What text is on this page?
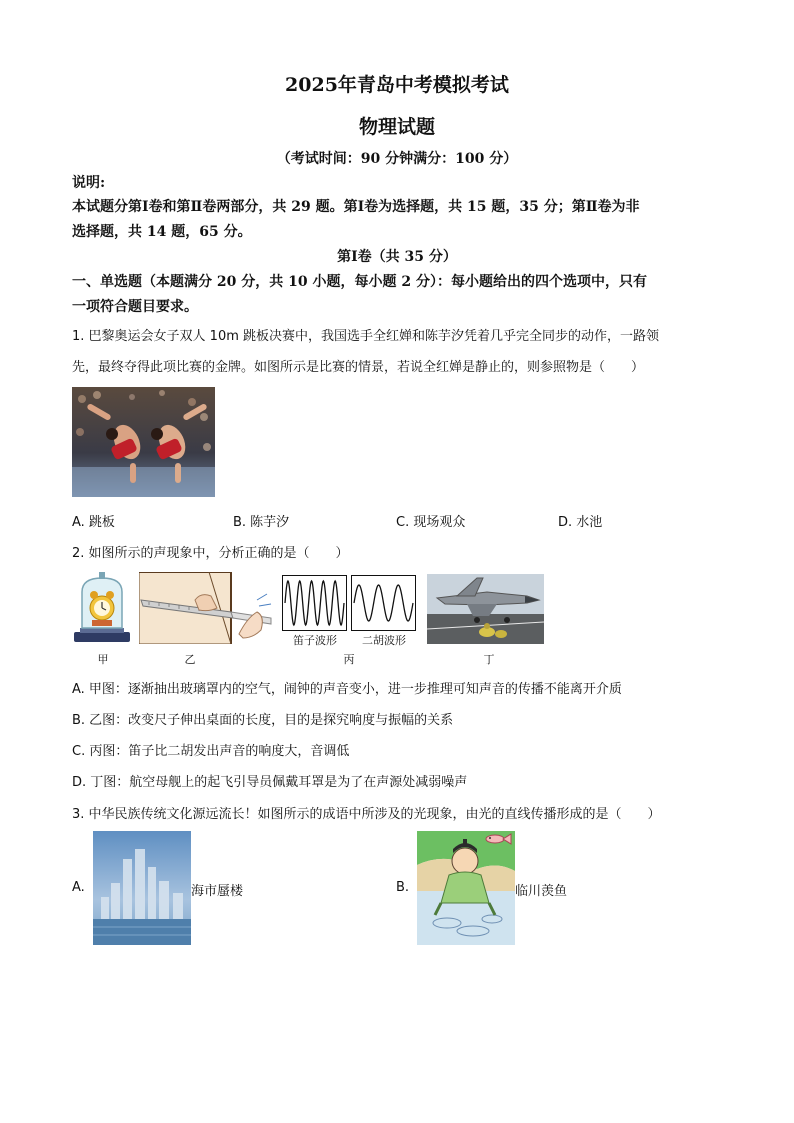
2025年青岛中考模拟考试
物理试题
（考试时间：90 分钟满分：100 分）
说明:
本试题分第Ⅰ卷和第Ⅱ卷两部分，共 29 题。第Ⅰ卷为选择题，共 15 题，35 分；第Ⅱ卷为非
选择题，共 14 题，65 分。
第Ⅰ卷（共 35 分）
一、单选题（本题满分 20 分，共 10 小题，每小题 2 分）：每小题给出的四个选项中，只有
一项符合题目要求。
1. 巴黎奥运会女子双人 10m 跳板决赛中，我国选手全红婵和陈芋汐凭着几乎完全同步的动作，一路领
先，最终夺得此项比赛的金牌。如图所示是比赛的情景，若说全红婵是静止的，则参照物是（　　）
A. 跳板	B. 陈芋汐	C. 现场观众	D. 水池
2. 如图所示的声现象中，分析正确的是（　　）
甲	乙
笛子波形	二胡波形
丙	丁
A. 甲图：逐渐抽出玻璃罩内的空气，闹钟的声音变小，进一步推理可知声音的传播不能离开介质
B. 乙图：改变尺子伸出桌面的长度，目的是探究响度与振幅的关系
C. 丙图：笛子比二胡发出声音的响度大，音调低
D. 丁图：航空母舰上的起飞引导员佩戴耳罩是为了在声源处减弱噪声
3. 中华民族传统文化源远流长！如图所示的成语中所涉及的光现象，由光的直线传播形成的是（　　）
A.	海市蜃楼	B.	临川羡鱼
